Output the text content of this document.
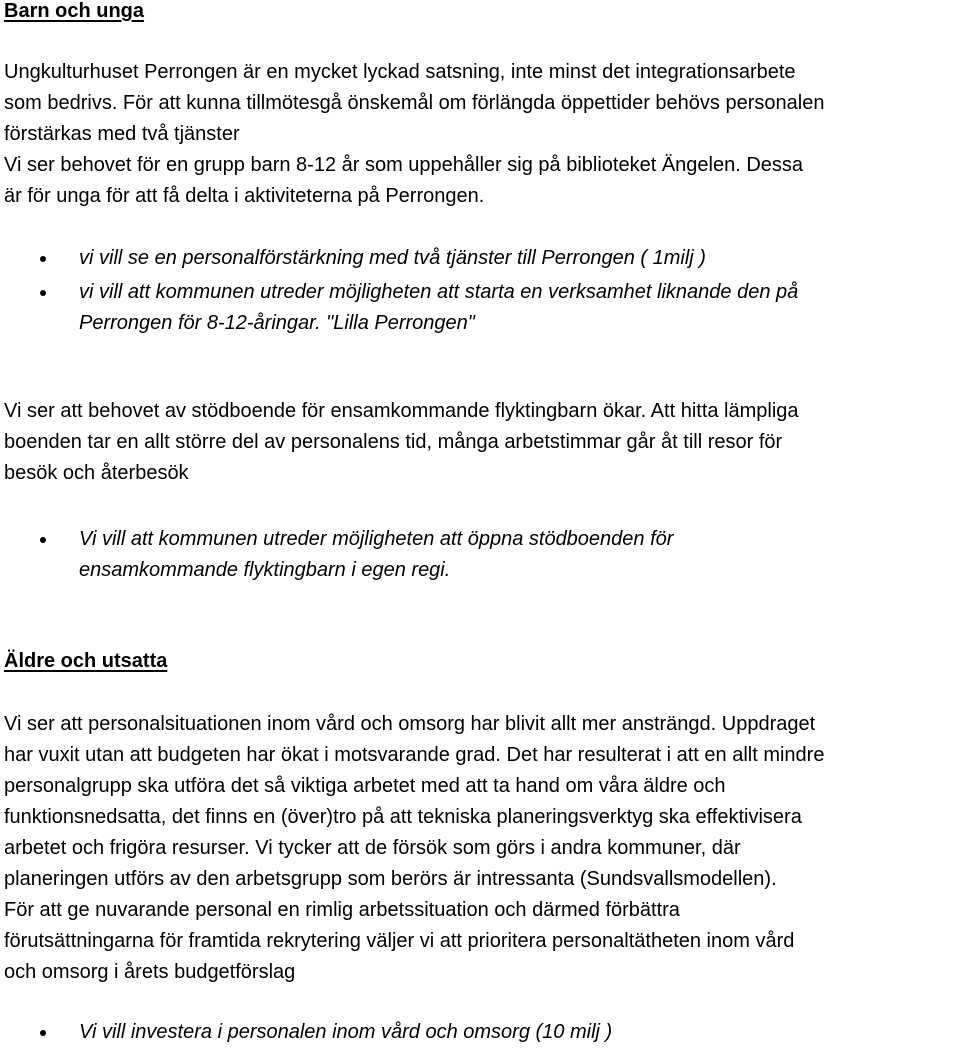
Barn och unga
Ungkulturhuset Perrongen är en mycket lyckad satsning, inte minst det integrationsarbete
som bedrivs. För att kunna tillmötesgå önskemål om förlängda öppettider behövs personalen
förstärkas med två tjänster
Vi ser behovet för en grupp barn 8-12 år som uppehåller sig på biblioteket Ängelen. Dessa
är för unga för att få delta i aktiviteterna på Perrongen.
vi vill se en personalförstärkning med två tjänster till Perrongen ( 1milj )
vi vill att kommunen utreder möjligheten att starta en verksamhet liknande den på
Perrongen för 8-12-åringar. "Lilla Perrongen"
Vi ser att behovet av stödboende för ensamkommande flyktingbarn ökar. Att hitta lämpliga
boenden tar en allt större del av personalens tid, många arbetstimmar går åt till resor för
besök och återbesök
Vi vill att kommunen utreder möjligheten att öppna stödboenden för
ensamkommande flyktingbarn i egen regi.
Äldre och utsatta
Vi ser att personalsituationen inom vård och omsorg har blivit allt mer ansträngd. Uppdraget
har vuxit utan att budgeten har ökat i motsvarande grad. Det har resulterat i att en allt mindre
personalgrupp ska utföra det så viktiga arbetet med att ta hand om våra äldre och
funktionsnedsatta, det finns en (över)tro på att tekniska planeringsverktyg ska effektivisera
arbetet och frigöra resurser. Vi tycker att de försök som görs i andra kommuner, där
planeringen utförs av den arbetsgrupp som berörs är intressanta (Sundsvallsmodellen).
För att ge nuvarande personal en rimlig arbetssituation och därmed förbättra
förutsättningarna för framtida rekrytering väljer vi att prioritera personaltätheten inom vård
och omsorg i årets budgetförslag
Vi vill investera i personalen inom vård och omsorg (10 milj )
